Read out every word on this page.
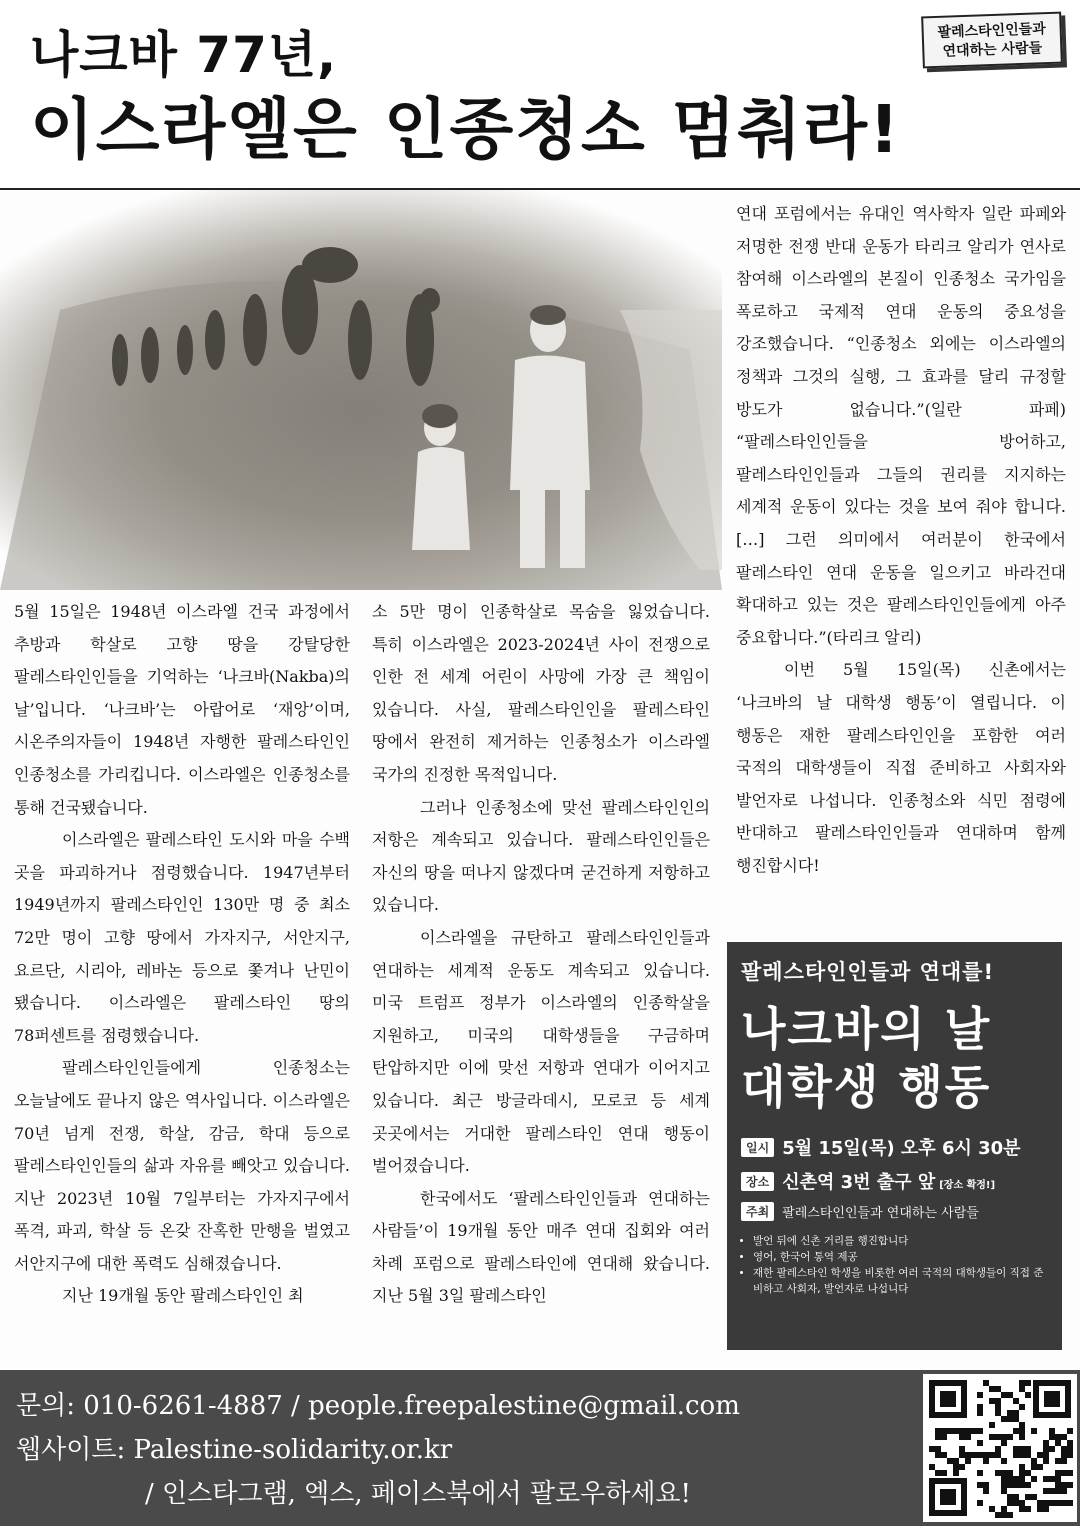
나크바 77년,
이스라엘은 인종청소 멈춰라!
팔레스타인인들과
연대하는 사람들

5월 15일은 1948년 이스라엘 건국 과정에서 추방과 학살로 고향 땅을 강탈당한 팔레스타인인들을 기억하는 ‘나크바(Nakba)의 날’입니다. ‘나크바’는 아랍어로 ‘재앙’이며, 시온주의자들이 1948년 자행한 팔레스타인인 인종청소를 가리킵니다. 이스라엘은 인종청소를 통해 건국됐습니다.

이스라엘은 팔레스타인 도시와 마을 수백 곳을 파괴하거나 점령했습니다. 1947년부터 1949년까지 팔레스타인인 130만 명 중 최소 72만 명이 고향 땅에서 가자지구, 서안지구, 요르단, 시리아, 레바논 등으로 쫓겨나 난민이 됐습니다. 이스라엘은 팔레스타인 땅의 78퍼센트를 점령했습니다.

팔레스타인인들에게 인종청소는 오늘날에도 끝나지 않은 역사입니다. 이스라엘은 70년 넘게 전쟁, 학살, 감금, 학대 등으로 팔레스타인인들의 삶과 자유를 빼앗고 있습니다. 지난 2023년 10월 7일부터는 가자지구에서 폭격, 파괴, 학살 등 온갖 잔혹한 만행을 벌였고 서안지구에 대한 폭력도 심해졌습니다.

지난 19개월 동안 팔레스타인인 최

소 5만 명이 인종학살로 목숨을 잃었습니다. 특히 이스라엘은 2023-2024년 사이 전쟁으로 인한 전 세계 어린이 사망에 가장 큰 책임이 있습니다. 사실, 팔레스타인인을 팔레스타인 땅에서 완전히 제거하는 인종청소가 이스라엘 국가의 진정한 목적입니다.

그러나 인종청소에 맞선 팔레스타인인의 저항은 계속되고 있습니다. 팔레스타인인들은 자신의 땅을 떠나지 않겠다며 굳건하게 저항하고 있습니다.

이스라엘을 규탄하고 팔레스타인인들과 연대하는 세계적 운동도 계속되고 있습니다. 미국 트럼프 정부가 이스라엘의 인종학살을 지원하고, 미국의 대학생들을 구금하며 탄압하지만 이에 맞선 저항과 연대가 이어지고 있습니다. 최근 방글라데시, 모로코 등 세계 곳곳에서는 거대한 팔레스타인 연대 행동이 벌어졌습니다.

한국에서도 ‘팔레스타인인들과 연대하는 사람들’이 19개월 동안 매주 연대 집회와 여러 차례 포럼으로 팔레스타인에 연대해 왔습니다. 지난 5월 3일 팔레스타인

연대 포럼에서는 유대인 역사학자 일란 파페와 저명한 전쟁 반대 운동가 타리크 알리가 연사로 참여해 이스라엘의 본질이 인종청소 국가임을 폭로하고 국제적 연대 운동의 중요성을 강조했습니다. “인종청소 외에는 이스라엘의 정책과 그것의 실행, 그 효과를 달리 규정할 방도가 없습니다.”(일란 파페) “팔레스타인인들을 방어하고, 팔레스타인인들과 그들의 권리를 지지하는 세계적 운동이 있다는 것을 보여 줘야 합니다. […] 그런 의미에서 여러분이 한국에서 팔레스타인 연대 운동을 일으키고 바라건대 확대하고 있는 것은 팔레스타인인들에게 아주 중요합니다.”(타리크 알리)

이번 5월 15일(목) 신촌에서는 ‘나크바의 날 대학생 행동’이 열립니다. 이 행동은 재한 팔레스타인인을 포함한 여러 국적의 대학생들이 직접 준비하고 사회자와 발언자로 나섭니다. 인종청소와 식민 점령에 반대하고 팔레스타인인들과 연대하며 함께 행진합시다!

팔레스타인인들과 연대를!
나크바의 날
대학생 행동
일시 5월 15일(목) 오후 6시 30분
장소 신촌역 3번 출구 앞 [장소 확정!]
주최	팔레스타인인들과 연대하는 사람들
• 발언 뒤에 신촌 거리를 행진합니다
• 영어, 한국어 통역 제공
• 재한 팔레스타인 학생을 비롯한 여러 국적의 대학생들이 직접 준비하고 사회자, 발언자로 나섭니다
문의: 010-6261-4887 / people.freepalestine@gmail.com
웹사이트: Palestine-solidarity.or.kr
/ 인스타그램, 엑스, 페이스북에서 팔로우하세요!
